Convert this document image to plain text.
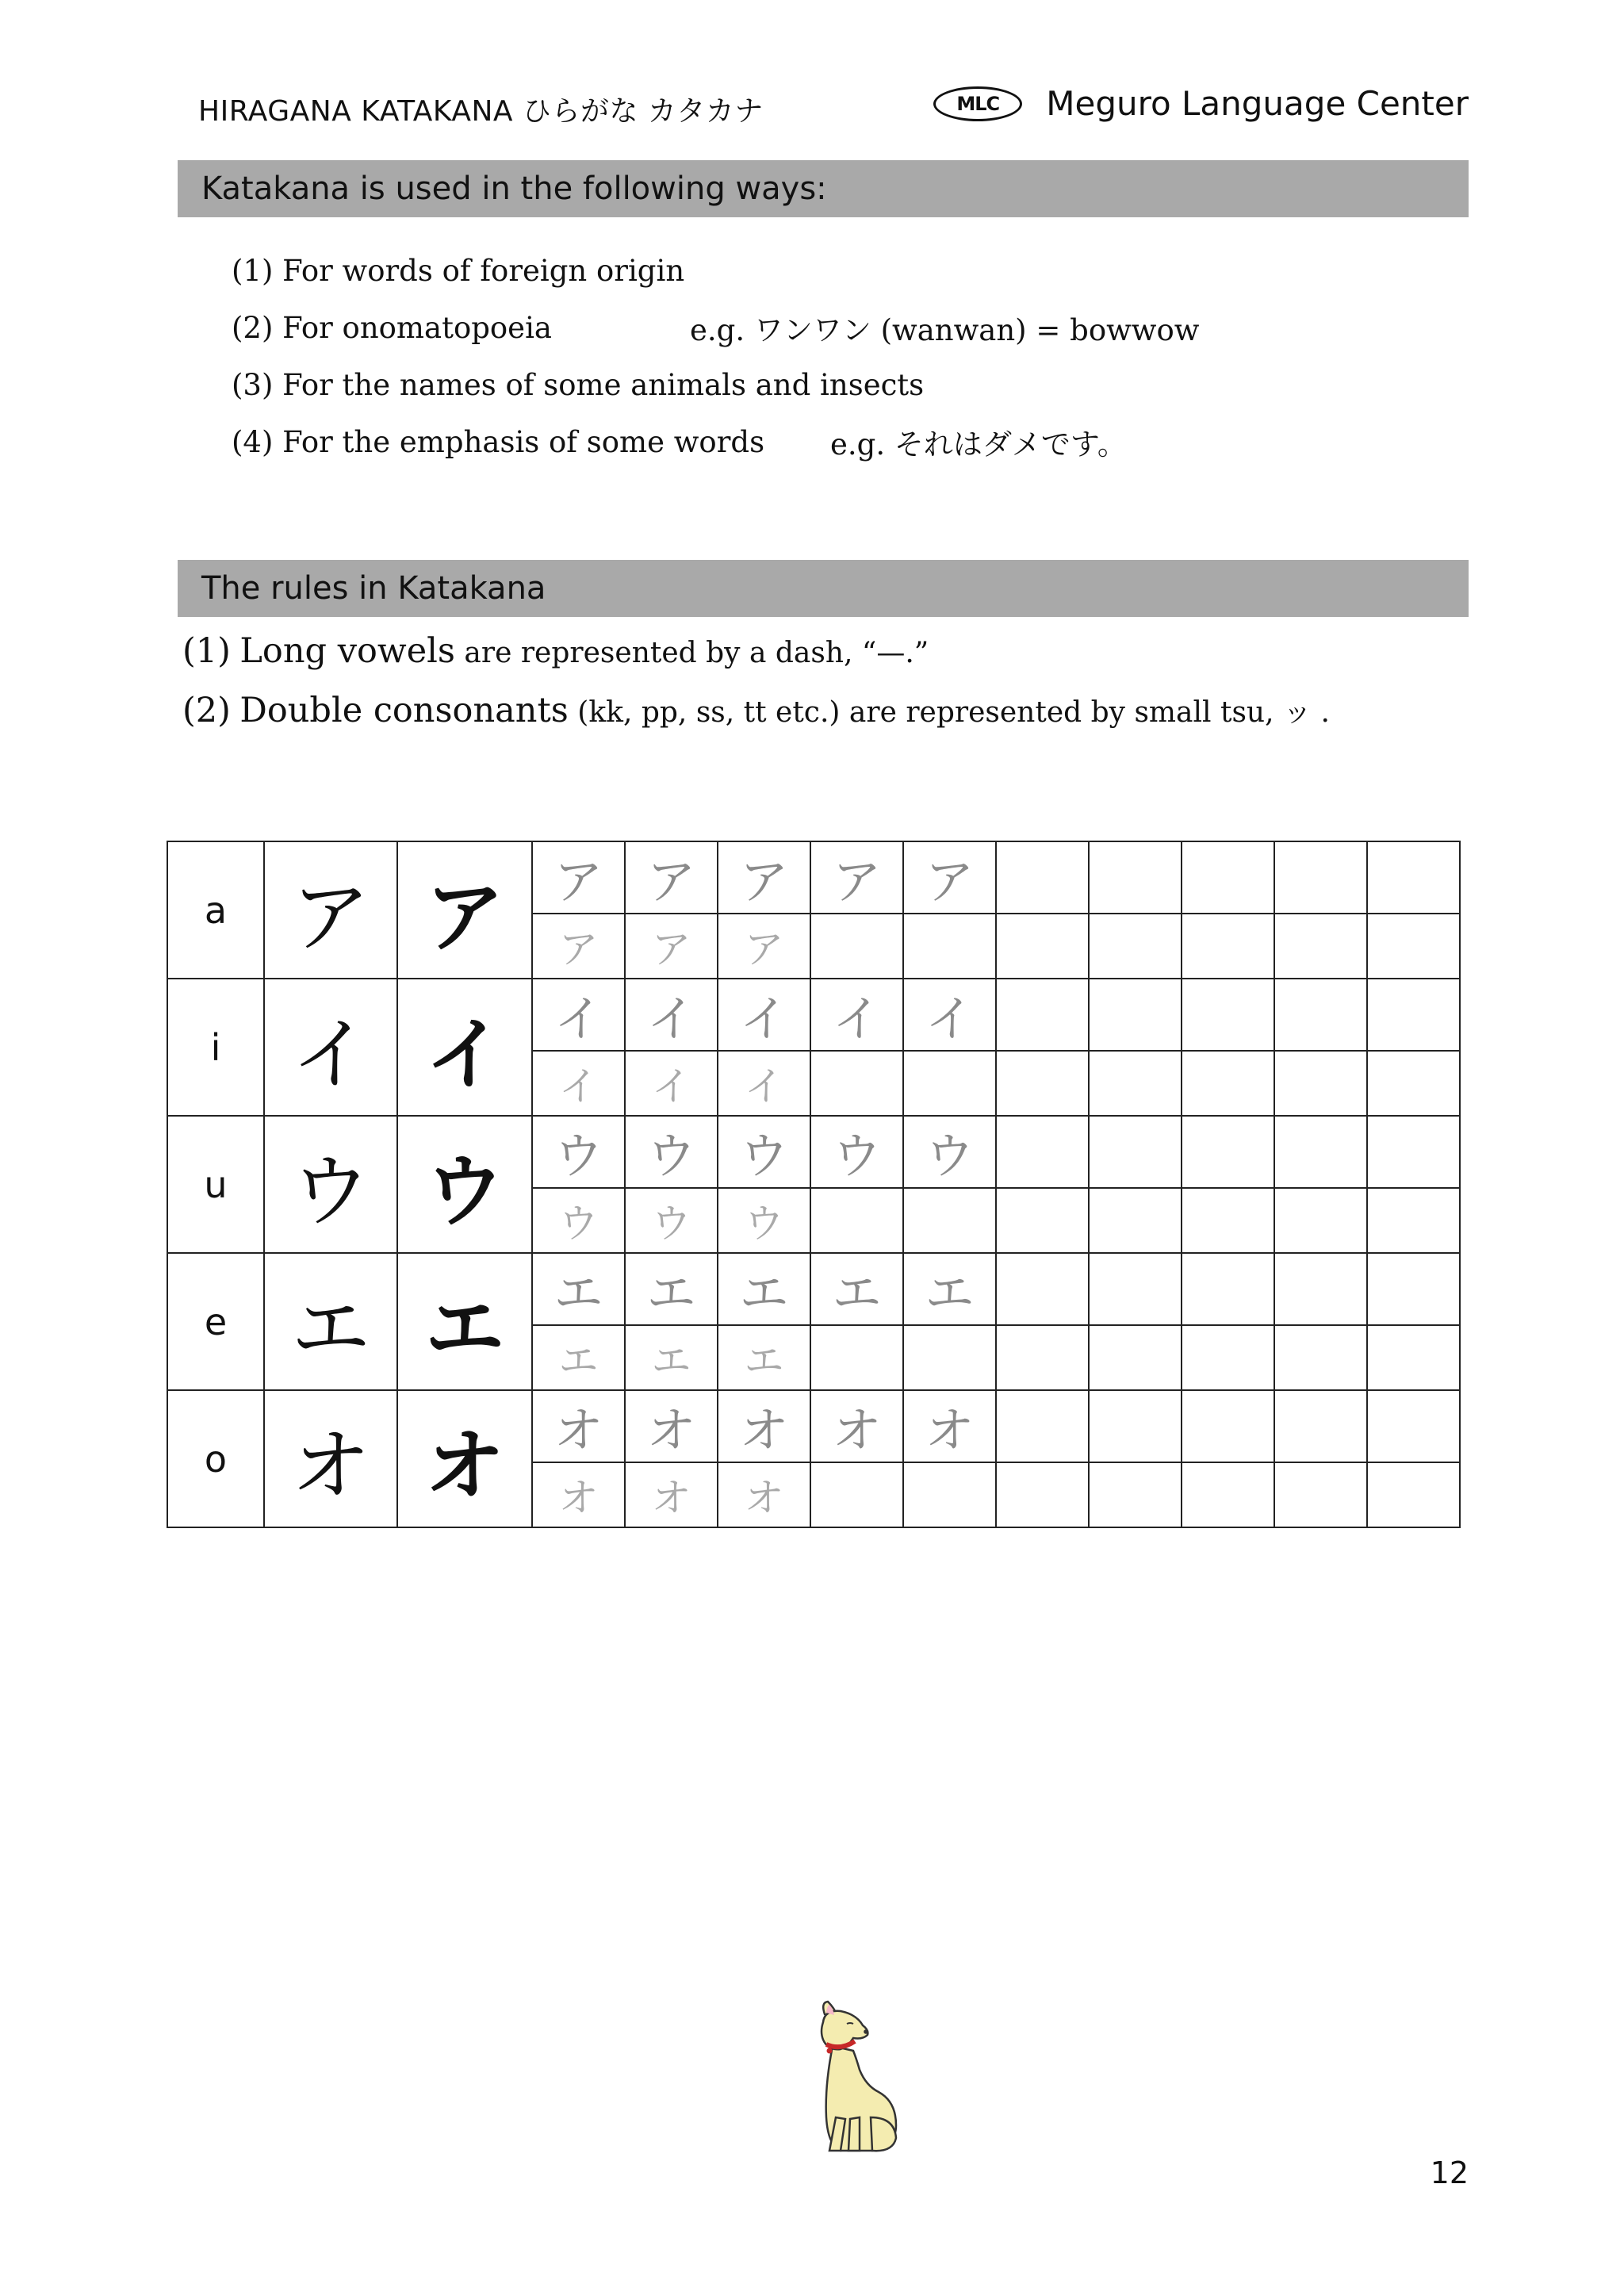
HIRAGANA KATAKANA ひらがな カタカナ	MLC	Meguro Language Center
Katakana is used in the following ways:
(1) For words of foreign origin
(2) For onomatopoeia	e.g. ワンワン (wanwan) = bowwow
(3) For the names of some animals and insects
(4) For the emphasis of some words e.g. それはダメです。
The rules in Katakana
(1)
Long vowels
are represented by a dash, “—.”
(2)
Double consonants
(kk, pp, ss, tt etc.) are represented by small tsu, ッ .
a	ア	ア	ア	ア	ア	ア	ア					
			ア	ア	ア							
i	イ	イ	イ	イ	イ	イ	イ					
			イ	イ	イ							
u	ウ	ウ	ウ	ウ	ウ	ウ	ウ					
			ウ	ウ	ウ							
e	エ	エ	エ	エ	エ	エ	エ					
			エ	エ	エ							
o	オ	オ	オ	オ	オ	オ	オ					
			オ	オ	オ							
12
